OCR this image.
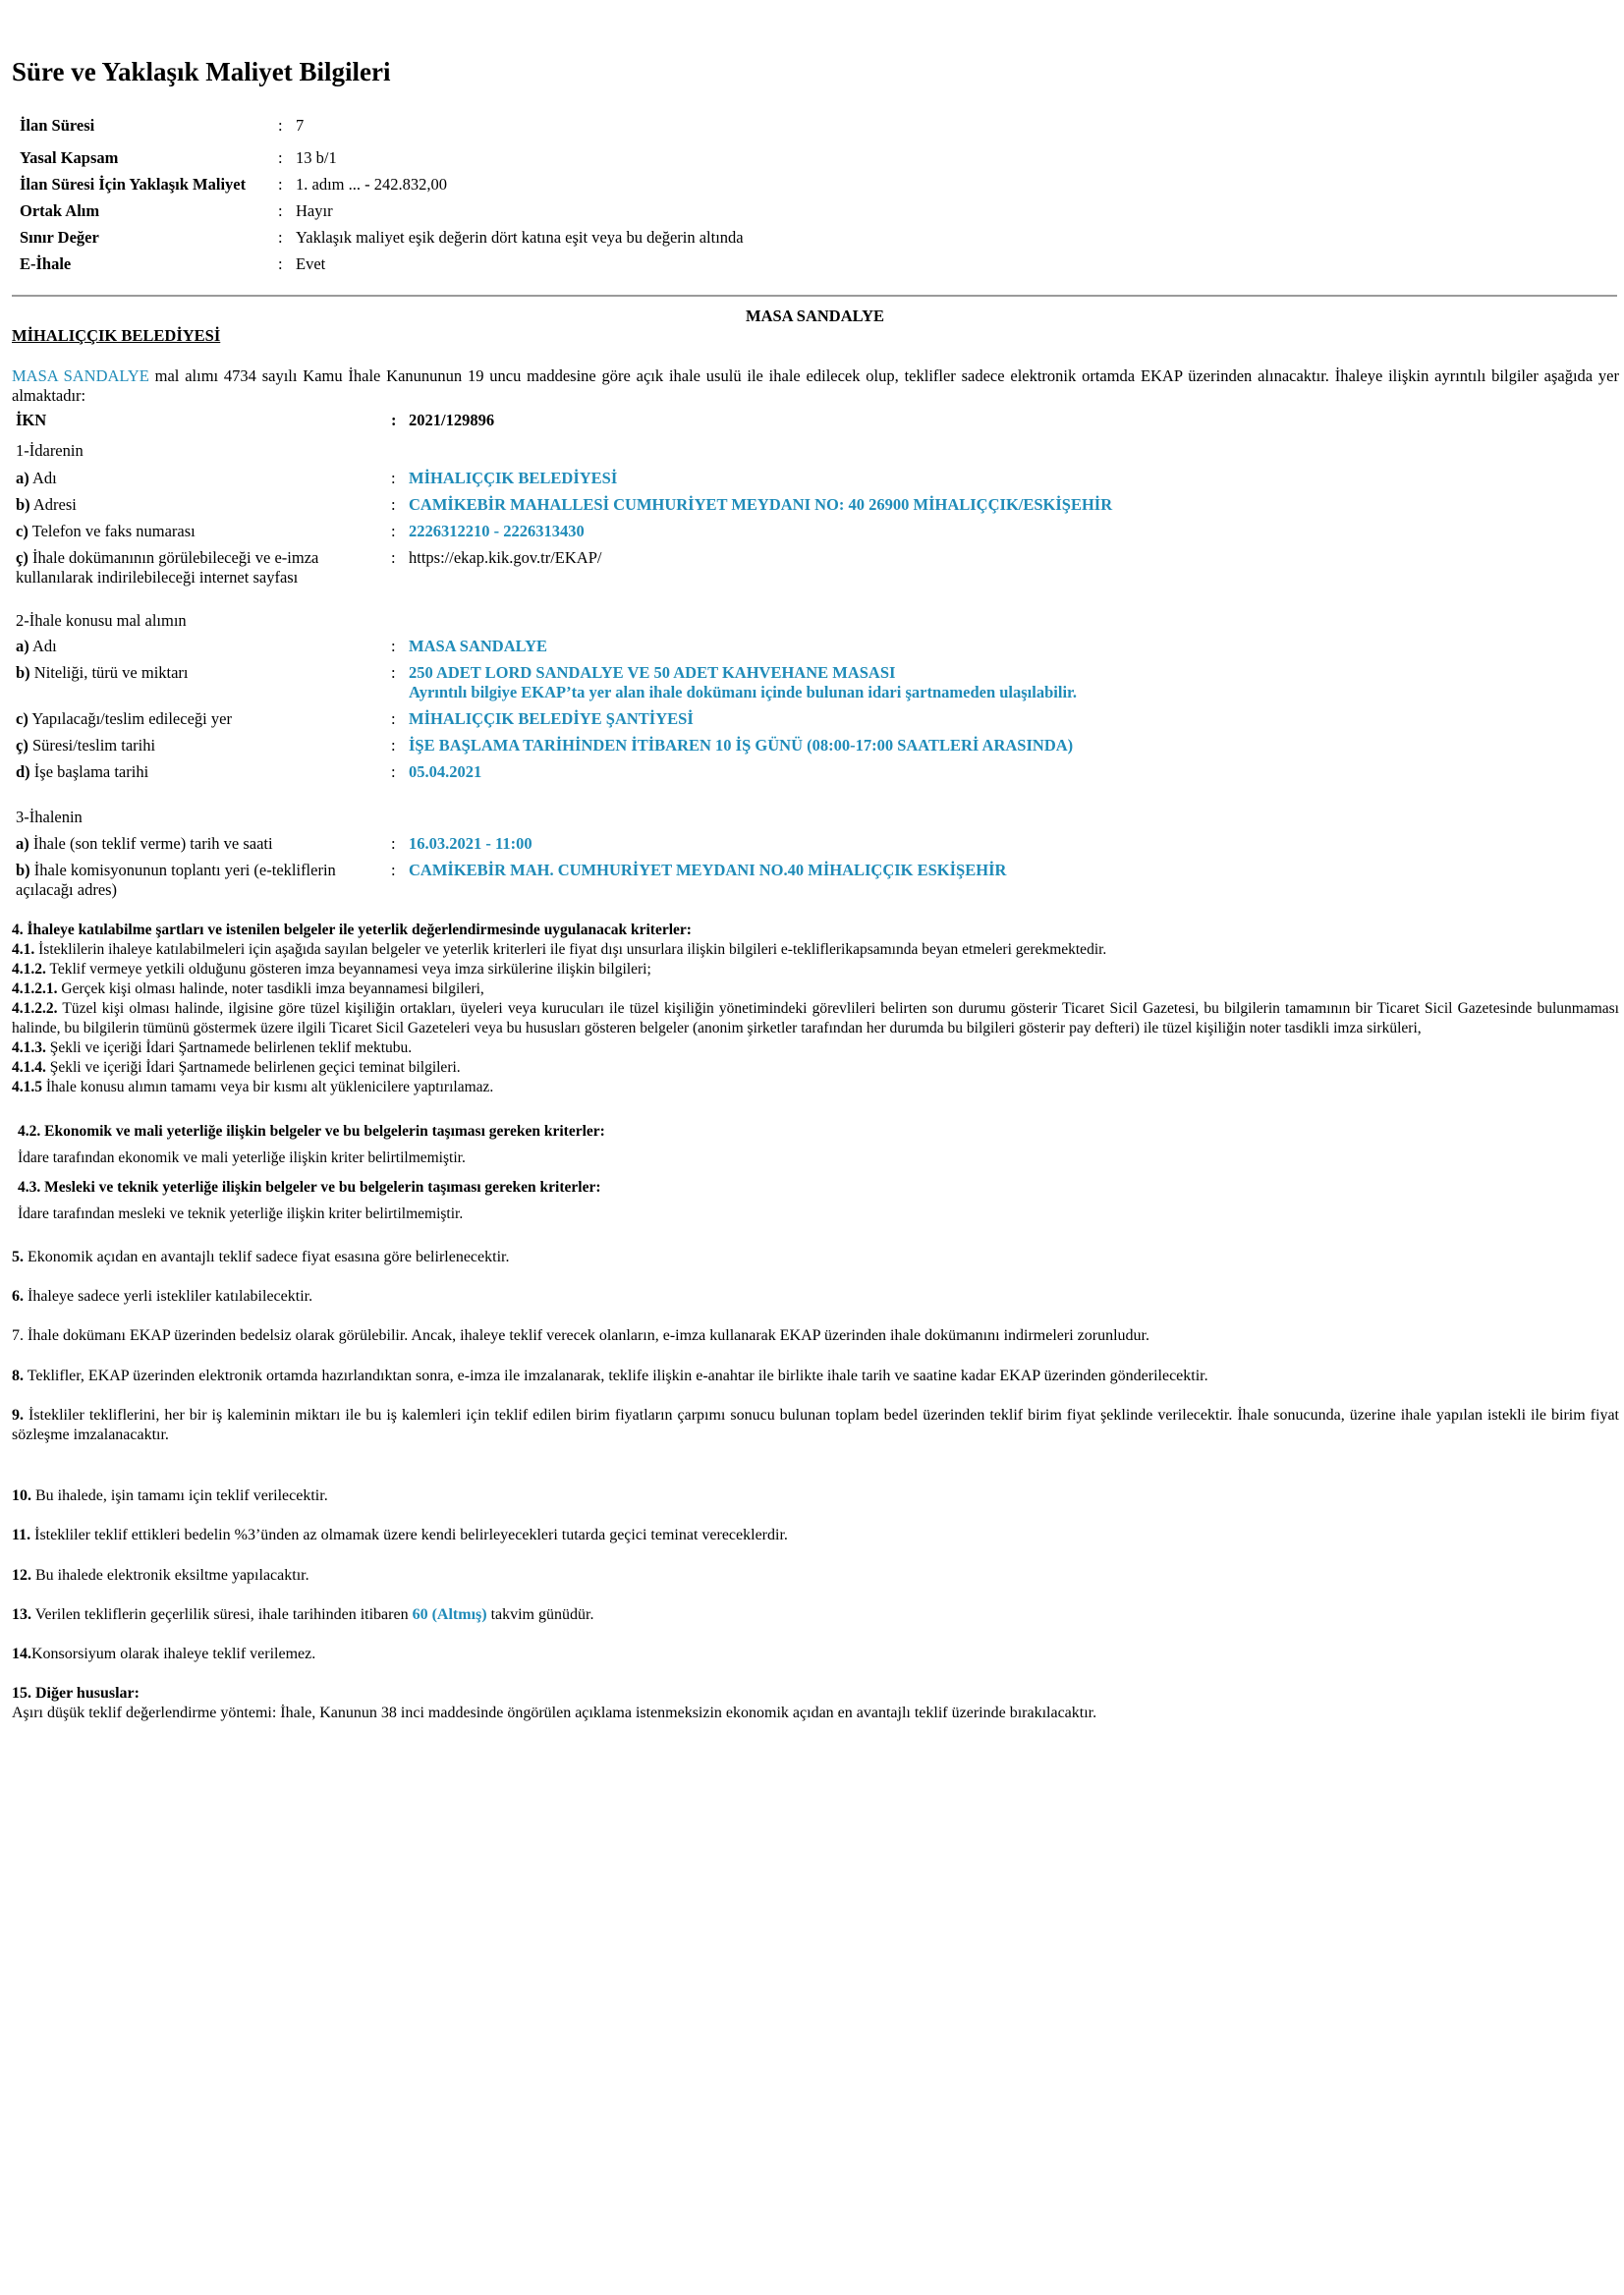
Süre ve Yaklaşık Maliyet Bilgileri
İlan Süresi	:	7
Yasal Kapsam	:	13 b/1
İlan Süresi İçin Yaklaşık Maliyet	:	1. adım ... - 242.832,00
Ortak Alım	:	Hayır
Sınır Değer	:	Yaklaşık maliyet eşik değerin dört katına eşit veya bu değerin altında
E-İhale	:	Evet
MASA SANDALYE
MİHALIÇÇIK BELEDİYESİ
MASA SANDALYE mal alımı 4734 sayılı Kamu İhale Kanununun 19 uncu maddesine göre açık ihale usulü ile ihale edilecek olup, teklifler sadece elektronik ortamda EKAP üzerinden alınacaktır. İhaleye ilişkin ayrıntılı bilgiler aşağıda yer almaktadır:
İKN	: 2021/129896
1-İdarenin
a) Adı	: MİHALIÇÇIK BELEDİYESİ
b) Adresi	: CAMİKEBİR MAHALLESİ CUMHURİYET MEYDANI NO: 40 26900 MİHALIÇÇIK/ESKİŞEHİR
c) Telefon ve faks numarası	: 2226312210 - 2226313430
ç) İhale dokümanının görülebileceği ve e-imza kullanılarak indirilebileceği internet sayfası
: https://ekap.kik.gov.tr/EKAP/
2-İhale konusu mal alımın
a) Adı	: MASA SANDALYE
b) Niteliği, türü ve miktarı	: 250 ADET LORD SANDALYE VE 50 ADET KAHVEHANE MASASI
Ayrıntılı bilgiye EKAP’ta yer alan ihale dokümanı içinde bulunan idari şartnameden ulaşılabilir.
c) Yapılacağı/teslim edileceği yer	: MİHALIÇÇIK BELEDİYE ŞANTİYESİ
ç) Süresi/teslim tarihi	: İŞE BAŞLAMA TARİHİNDEN İTİBAREN 10 İŞ GÜNÜ (08:00-17:00 SAATLERİ ARASINDA)
d) İşe başlama tarihi	: 05.04.2021
3-İhalenin
a) İhale (son teklif verme) tarih ve saati	: 16.03.2021 - 11:00
b) İhale komisyonunun toplantı yeri (e-tekliflerin açılacağı adres)
: CAMİKEBİR MAH. CUMHURİYET MEYDANI NO.40 MİHALIÇÇIK ESKİŞEHİR
4. İhaleye katılabilme şartları ve istenilen belgeler ile yeterlik değerlendirmesinde uygulanacak kriterler:
4.1. İsteklilerin ihaleye katılabilmeleri için aşağıda sayılan belgeler ve yeterlik kriterleri ile fiyat dışı unsurlara ilişkin bilgileri e-tekliflerikapsamında beyan etmeleri gerekmektedir.
4.1.2. Teklif vermeye yetkili olduğunu gösteren imza beyannamesi veya imza sirkülerine ilişkin bilgileri;
4.1.2.1. Gerçek kişi olması halinde, noter tasdikli imza beyannamesi bilgileri,
4.1.2.2. Tüzel kişi olması halinde, ilgisine göre tüzel kişiliğin ortakları, üyeleri veya kurucuları ile tüzel kişiliğin yönetimindeki görevlileri belirten son durumu gösterir Ticaret Sicil Gazetesi, bu bilgilerin tamamının bir Ticaret Sicil Gazetesinde bulunmaması halinde, bu bilgilerin tümünü göstermek üzere ilgili Ticaret Sicil Gazeteleri veya bu hususları gösteren belgeler (anonim şirketler tarafından her durumda bu bilgileri gösterir pay defteri) ile tüzel kişiliğin noter tasdikli imza sirküleri,
4.1.3. Şekli ve içeriği İdari Şartnamede belirlenen teklif mektubu.
4.1.4. Şekli ve içeriği İdari Şartnamede belirlenen geçici teminat bilgileri.
4.1.5 İhale konusu alımın tamamı veya bir kısmı alt yüklenicilere yaptırılamaz.
4.2. Ekonomik ve mali yeterliğe ilişkin belgeler ve bu belgelerin taşıması gereken kriterler:
İdare tarafından ekonomik ve mali yeterliğe ilişkin kriter belirtilmemiştir.
4.3. Mesleki ve teknik yeterliğe ilişkin belgeler ve bu belgelerin taşıması gereken kriterler:
İdare tarafından mesleki ve teknik yeterliğe ilişkin kriter belirtilmemiştir.
5. Ekonomik açıdan en avantajlı teklif sadece fiyat esasına göre belirlenecektir.
6. İhaleye sadece yerli istekliler katılabilecektir.
7. İhale dokümanı EKAP üzerinden bedelsiz olarak görülebilir. Ancak, ihaleye teklif verecek olanların, e-imza kullanarak EKAP üzerinden ihale dokümanını indirmeleri zorunludur.
8. Teklifler, EKAP üzerinden elektronik ortamda hazırlandıktan sonra, e-imza ile imzalanarak, teklife ilişkin e-anahtar ile birlikte ihale tarih ve saatine kadar EKAP üzerinden gönderilecektir.
9. İstekliler tekliflerini, her bir iş kaleminin miktarı ile bu iş kalemleri için teklif edilen birim fiyatların çarpımı sonucu bulunan toplam bedel üzerinden teklif birim fiyat şeklinde verilecektir. İhale sonucunda, üzerine ihale yapılan istekli ile birim fiyat sözleşme imzalanacaktır.
10. Bu ihalede, işin tamamı için teklif verilecektir.
11. İstekliler teklif ettikleri bedelin %3’ünden az olmamak üzere kendi belirleyecekleri tutarda geçici teminat vereceklerdir.
12. Bu ihalede elektronik eksiltme yapılacaktır.
13. Verilen tekliflerin geçerlilik süresi, ihale tarihinden itibaren 60 (Altmış) takvim günüdür.
14.Konsorsiyum olarak ihaleye teklif verilemez.
15. Diğer hususlar:
Aşırı düşük teklif değerlendirme yöntemi: İhale, Kanunun 38 inci maddesinde öngörülen açıklama istenmeksizin ekonomik açıdan en avantajlı teklif üzerinde bırakılacaktır.
